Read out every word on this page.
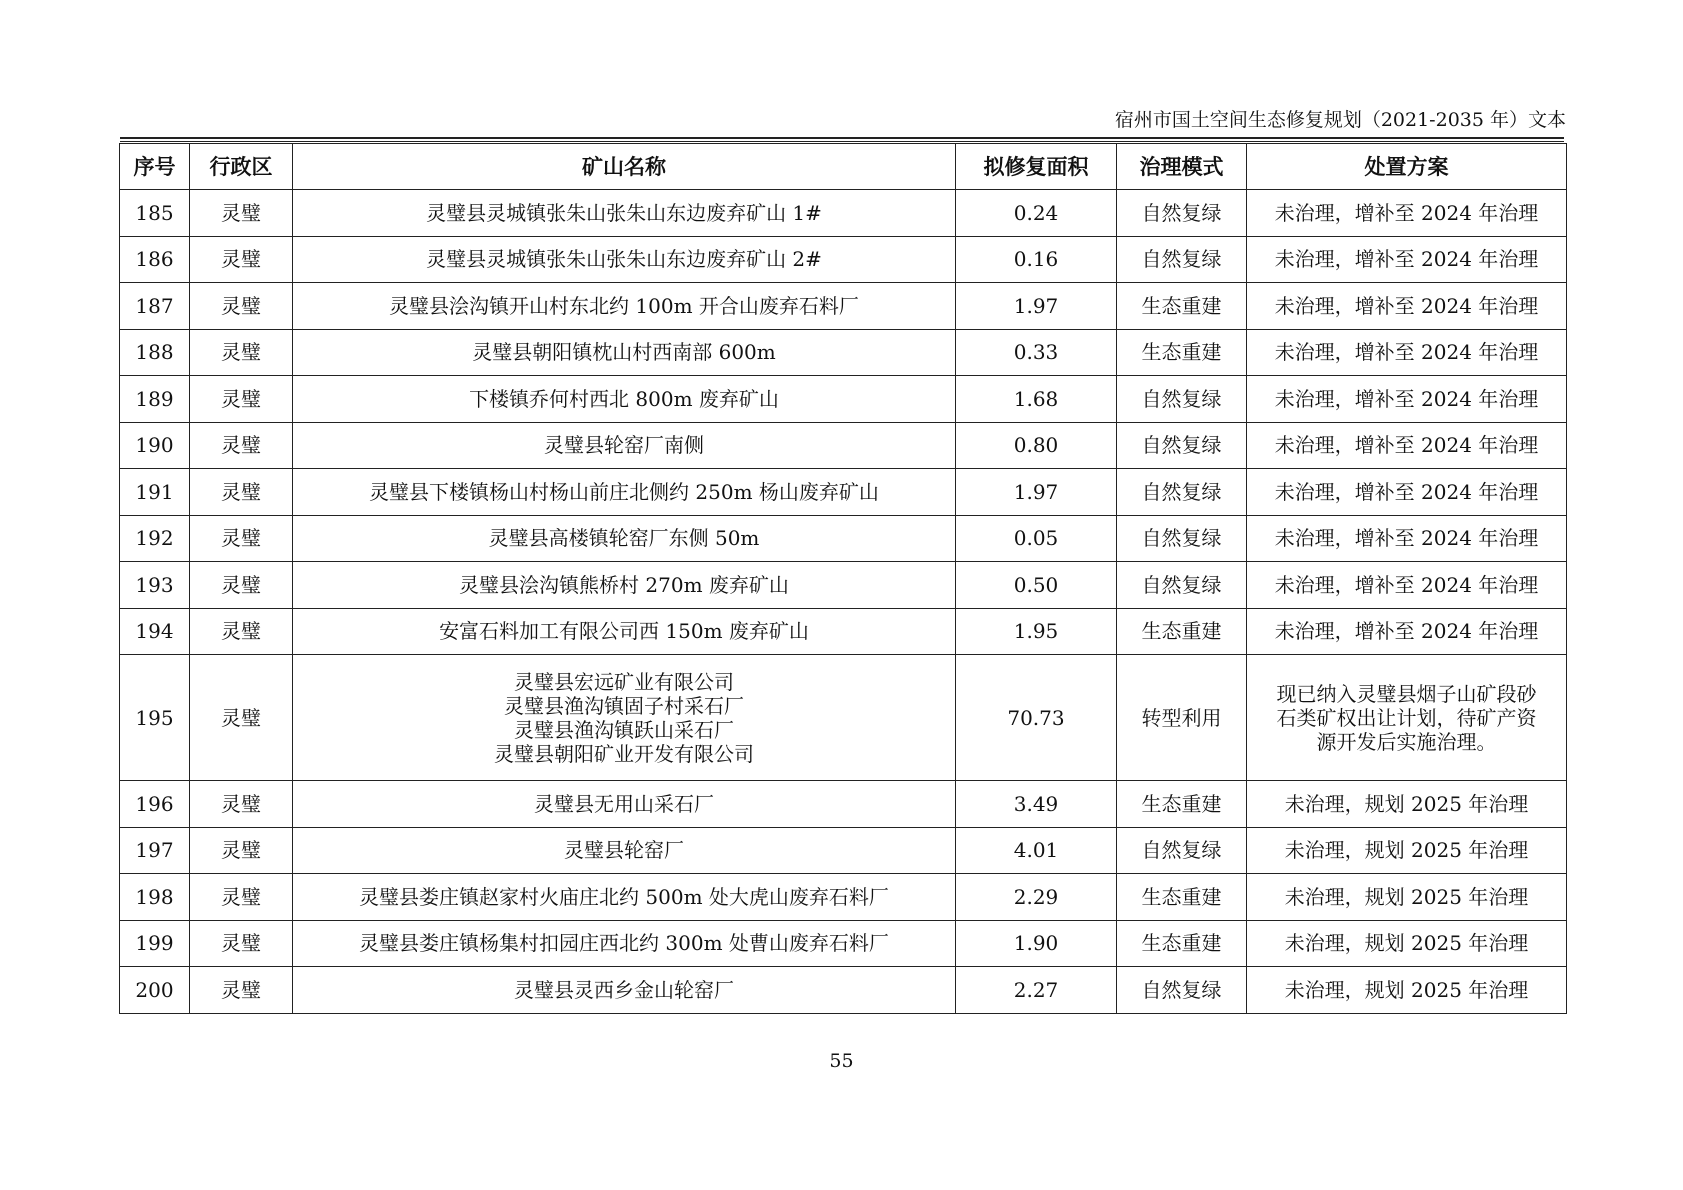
宿州市国土空间生态修复规划（2021-2035 年）文本
序号	行政区	矿山名称	拟修复面积	治理模式	处置方案
185	灵璧	灵璧县灵城镇张朱山张朱山东边废弃矿山 1#	0.24	自然复绿	未治理，增补至 2024 年治理

186	灵璧	灵璧县灵城镇张朱山张朱山东边废弃矿山 2#	0.16	自然复绿	未治理，增补至 2024 年治理

187	灵璧	灵璧县浍沟镇开山村东北约 100m 开合山废弃石料厂	1.97	生态重建	未治理，增补至 2024 年治理

188	灵璧	灵璧县朝阳镇枕山村西南部 600m	0.33	生态重建	未治理，增补至 2024 年治理

189	灵璧	下楼镇乔何村西北 800m 废弃矿山	1.68	自然复绿	未治理，增补至 2024 年治理

190	灵璧	灵璧县轮窑厂南侧	0.80	自然复绿	未治理，增补至 2024 年治理

191	灵璧	灵璧县下楼镇杨山村杨山前庄北侧约 250m 杨山废弃矿山	1.97	自然复绿	未治理，增补至 2024 年治理

192	灵璧	灵璧县高楼镇轮窑厂东侧 50m	0.05	自然复绿	未治理，增补至 2024 年治理

193	灵璧	灵璧县浍沟镇熊桥村 270m 废弃矿山	0.50	自然复绿	未治理，增补至 2024 年治理

194	灵璧	安富石料加工有限公司西 150m 废弃矿山	1.95	生态重建	未治理，增补至 2024 年治理

195	灵璧	灵璧县宏远矿业有限公司
灵璧县渔沟镇固子村采石厂
灵璧县渔沟镇跃山采石厂
灵璧县朝阳矿业开发有限公司	70.73	转型利用	现已纳入灵璧县烟子山矿段砂
石类矿权出让计划，待矿产资
源开发后实施治理。

196	灵璧	灵璧县无用山采石厂	3.49	生态重建	未治理，规划 2025 年治理

197	灵璧	灵璧县轮窑厂	4.01	自然复绿	未治理，规划 2025 年治理

198	灵璧	灵璧县娄庄镇赵家村火庙庄北约 500m 处大虎山废弃石料厂	2.29	生态重建	未治理，规划 2025 年治理

199	灵璧	灵璧县娄庄镇杨集村扣园庄西北约 300m 处曹山废弃石料厂	1.90	生态重建	未治理，规划 2025 年治理

200	灵璧	灵璧县灵西乡金山轮窑厂	2.27	自然复绿	未治理，规划 2025 年治理
55
